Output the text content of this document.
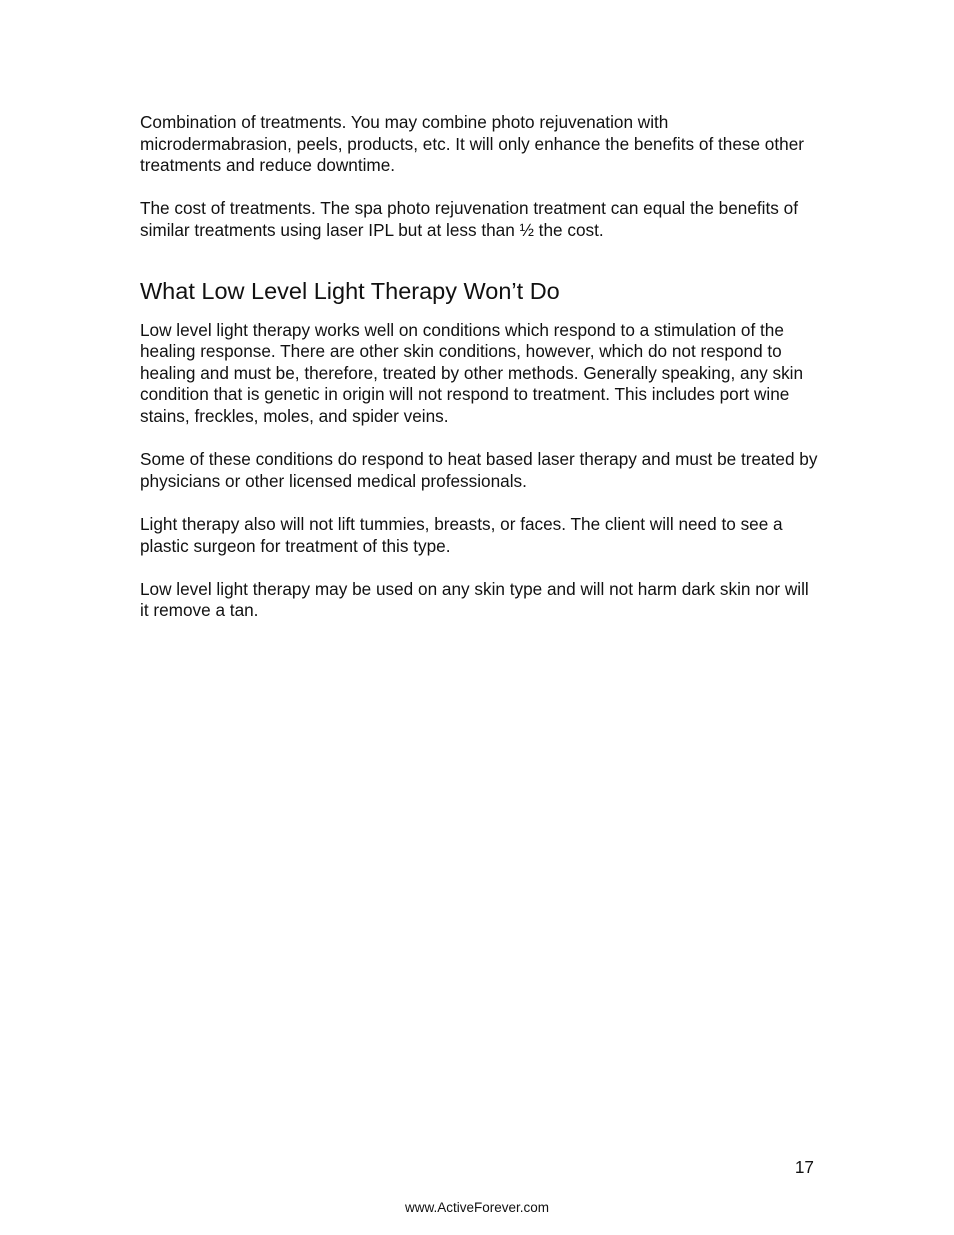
Combination of treatments. You may combine photo rejuvenation with microdermabrasion, peels, products, etc. It will only enhance the benefits of these other treatments and reduce downtime.

The cost of treatments. The spa photo rejuvenation treatment can equal the benefits of similar treatments using laser IPL but at less than ½ the cost.

What Low Level Light Therapy Won’t Do

Low level light therapy works well on conditions which respond to a stimulation of the healing response. There are other skin conditions, however, which do not respond to healing and must be, therefore, treated by other methods. Generally speaking, any skin condition that is genetic in origin will not respond to treatment. This includes port wine stains, freckles, moles, and spider veins.

Some of these conditions do respond to heat based laser therapy and must be treated by physicians or other licensed medical professionals.

Light therapy also will not lift tummies, breasts, or faces. The client will need to see a plastic surgeon for treatment of this type.

Low level light therapy may be used on any skin type and will not harm dark skin nor will it remove a tan.

17
www.ActiveForever.com
